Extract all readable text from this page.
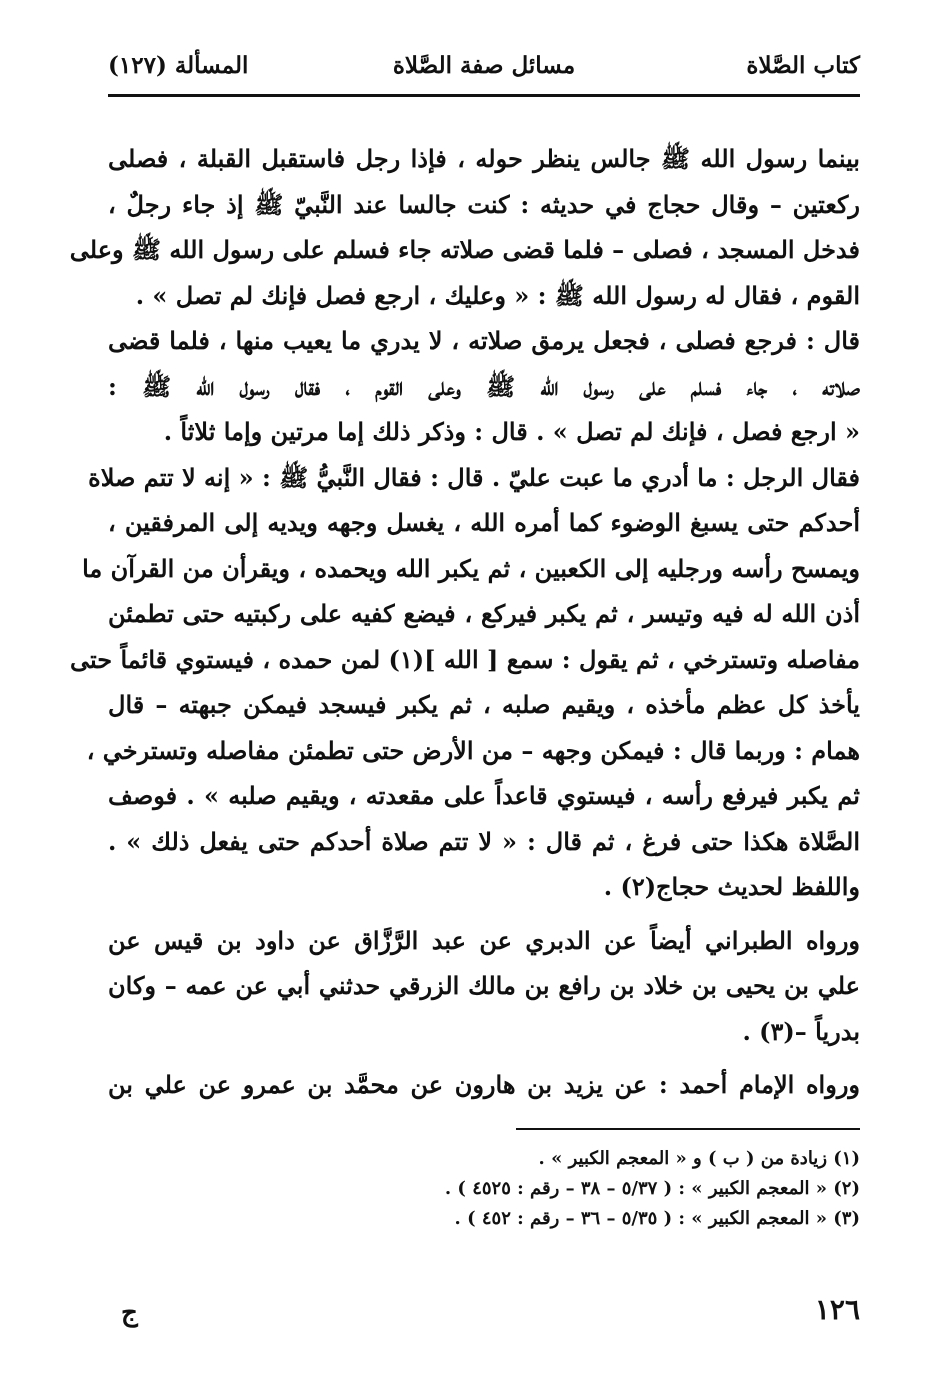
كتاب الصَّلاة
مسائل صفة الصَّلاة
المسألة (١٢٧)
بينما رسول الله ﷺ جالس ينظر حوله ، فإذا رجل فاستقبل القبلة ، فصلى
ركعتين – وقال حجاج في حديثه : كنت جالسا عند النَّبيّ ﷺ إذ جاء رجلٌ ،
فدخل المسجد ، فصلى – فلما قضى صلاته جاء فسلم على رسول الله ﷺ وعلى
القوم ، فقال له رسول الله ﷺ : « وعليك ، ارجع فصل فإنك لم تصل » .
قال : فرجع فصلى ، فجعل يرمق صلاته ، لا يدري ما يعيب منها ، فلما قضى
صلاته ، جاء فسلم على رسول الله ﷺ وعلى القوم ، فقال رسول الله ﷺ :
« ارجع فصل ، فإنك لم تصل » . قال : وذكر ذلك إما مرتين وإما ثلاثاً .
فقال الرجل : ما أدري ما عبت عليّ . قال : فقال النَّبيُّ ﷺ : « إنه لا تتم صلاة
أحدكم حتى يسبغ الوضوء كما أمره الله ، يغسل وجهه ويديه إلى المرفقين ،
ويمسح رأسه ورجليه إلى الكعبين ، ثم يكبر الله ويحمده ، ويقرأن من القرآن ما
أذن الله له فيه وتيسر ، ثم يكبر فيركع ، فيضع كفيه على ركبتيه حتى تطمئن
مفاصله وتسترخي ، ثم يقول : سمع [ الله ](١) لمن حمده ، فيستوي قائماً حتى
يأخذ كل عظم مأخذه ، ويقيم صلبه ، ثم يكبر فيسجد فيمكن جبهته – قال
همام : وربما قال : فيمكن وجهه – من الأرض حتى تطمئن مفاصله وتسترخي ،
ثم يكبر فيرفع رأسه ، فيستوي قاعداً على مقعدته ، ويقيم صلبه » . فوصف
الصَّلاة هكذا حتى فرغ ، ثم قال : « لا تتم صلاة أحدكم حتى يفعل ذلك » .
واللفظ لحديث حجاج(٢) .
ورواه الطبراني أيضاً عن الدبري عن عبد الرَّزَّاق عن داود بن قيس عن
علي بن يحيى بن خلاد بن رافع بن مالك الزرقي حدثني أبي عن عمه – وكان
بدرياً –(٣) .
ورواه الإمام أحمد : عن يزيد بن هارون عن محمَّد بن عمرو عن علي بن
(١) زيادة من ( ب ) و « المعجم الكبير » .
(٢) « المعجم الكبير » : ( ٥/٣٧ – ٣٨ – رقم : ٤٥٢٥ ) .
(٣) « المعجم الكبير » : ( ٥/٣٥ – ٣٦ – رقم : ٤٥٢ ) .
١٢٦
ج
